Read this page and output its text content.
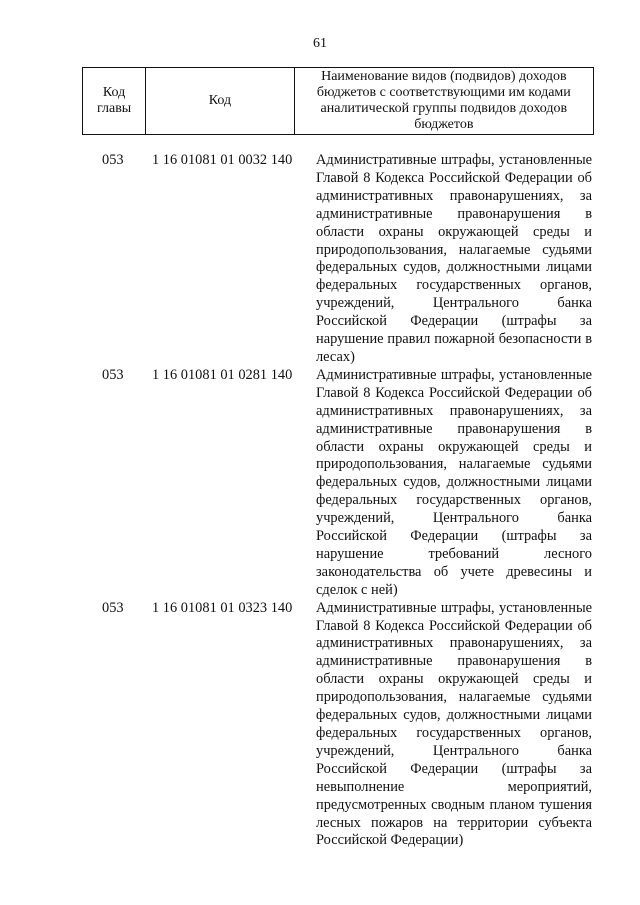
61
Код главы	Код	Наименование видов (подвидов) доходов бюджетов с соответствующими им кодами аналитической группы подвидов доходов бюджетов
053	1 16 01081 01 0032 140	Административные штрафы, установленные
Главой 8 Кодекса Российской Федерации об
административных правонарушениях, за
административные правонарушения в
области охраны окружающей среды и
природопользования, налагаемые судьями
федеральных судов, должностными лицами
федеральных государственных органов,
учреждений, Центрального банка
Российской Федерации (штрафы за
нарушение правил пожарной безопасности в
лесах)
053	1 16 01081 01 0281 140	Административные штрафы, установленные
Главой 8 Кодекса Российской Федерации об
административных правонарушениях, за
административные правонарушения в
области охраны окружающей среды и
природопользования, налагаемые судьями
федеральных судов, должностными лицами
федеральных государственных органов,
учреждений, Центрального банка
Российской Федерации (штрафы за
нарушение требований лесного
законодательства об учете древесины и
сделок с ней)
053	1 16 01081 01 0323 140	Административные штрафы, установленные
Главой 8 Кодекса Российской Федерации об
административных правонарушениях, за
административные правонарушения в
области охраны окружающей среды и
природопользования, налагаемые судьями
федеральных судов, должностными лицами
федеральных государственных органов,
учреждений, Центрального банка
Российской Федерации (штрафы за
невыполнение мероприятий,
предусмотренных сводным планом тушения
лесных пожаров на территории субъекта
Российской Федерации)
